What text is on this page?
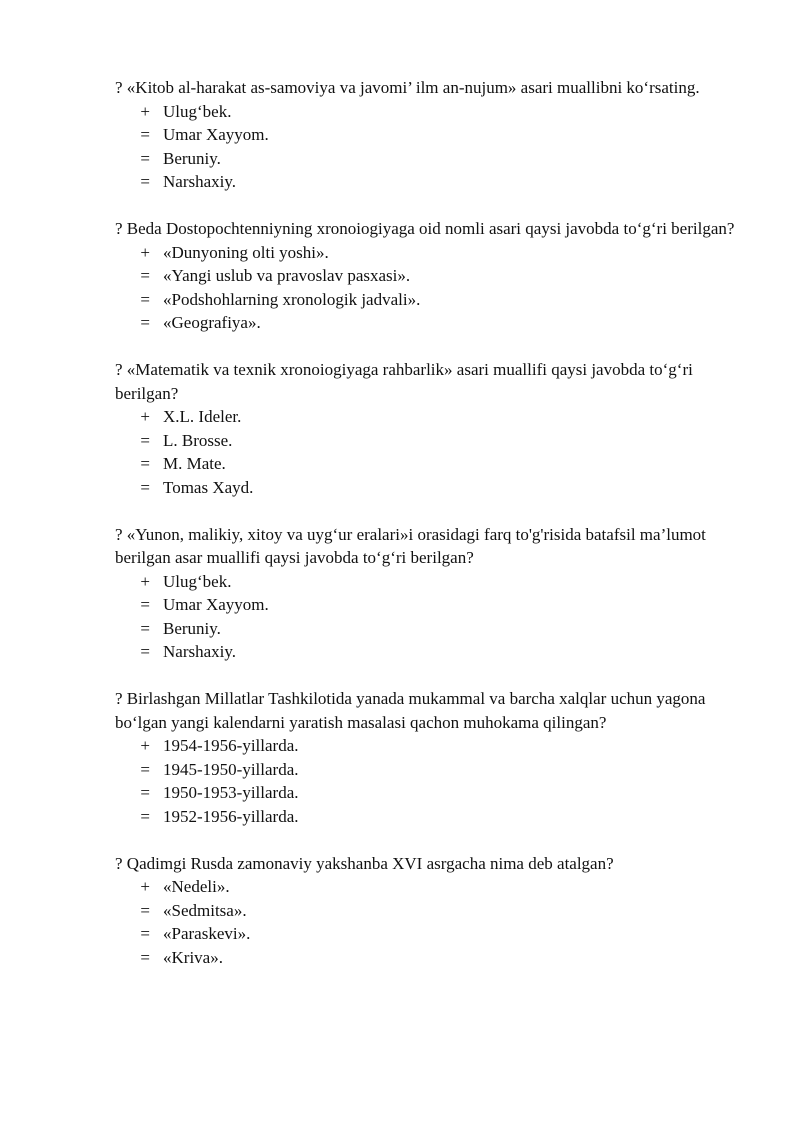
? «Kitob al-harakat as-samoviya va javomi’ ilm an-nujum» asari muallibni ko‘rsating.

+ Ulug‘bek.
= Umar Xayyom.
= Beruniy.
= Narshaxiy.

? Beda Dostopochtenniyning xronoiogiyaga oid nomli asari qaysi javobda to‘g‘ri berilgan?

+ «Dunyoning olti yoshi».
= «Yangi uslub va pravoslav pasxasi».
= «Podshohlarning xronologik jadvali».
= «Geografiya».

? «Matematik va texnik xronoiogiyaga rahbarlik» asari muallifi qaysi javobda to‘g‘ri berilgan?

+ X.L. Ideler.
= L. Brosse.
= M. Mate.
= Tomas Xayd.

? «Yunon, malikiy, xitoy va uyg‘ur eralari»i orasidagi farq to'g'risida batafsil ma’lumot berilgan asar muallifi qaysi javobda to‘g‘ri berilgan?

+ Ulug‘bek.
= Umar Xayyom.
= Beruniy.
= Narshaxiy.

? Birlashgan Millatlar Tashkilotida yanada mukammal va barcha xalqlar uchun yagona bo‘lgan yangi kalendarni yaratish masalasi qachon muhokama qilingan?

+ 1954-1956-yillarda.
= 1945-1950-yillarda.
= 1950-1953-yillarda.
= 1952-1956-yillarda.

? Qadimgi Rusda zamonaviy yakshanba XVI asrgacha nima deb atalgan?

+ «Nedeli».
= «Sedmitsa».
= «Paraskevi».
= «Kriva».
